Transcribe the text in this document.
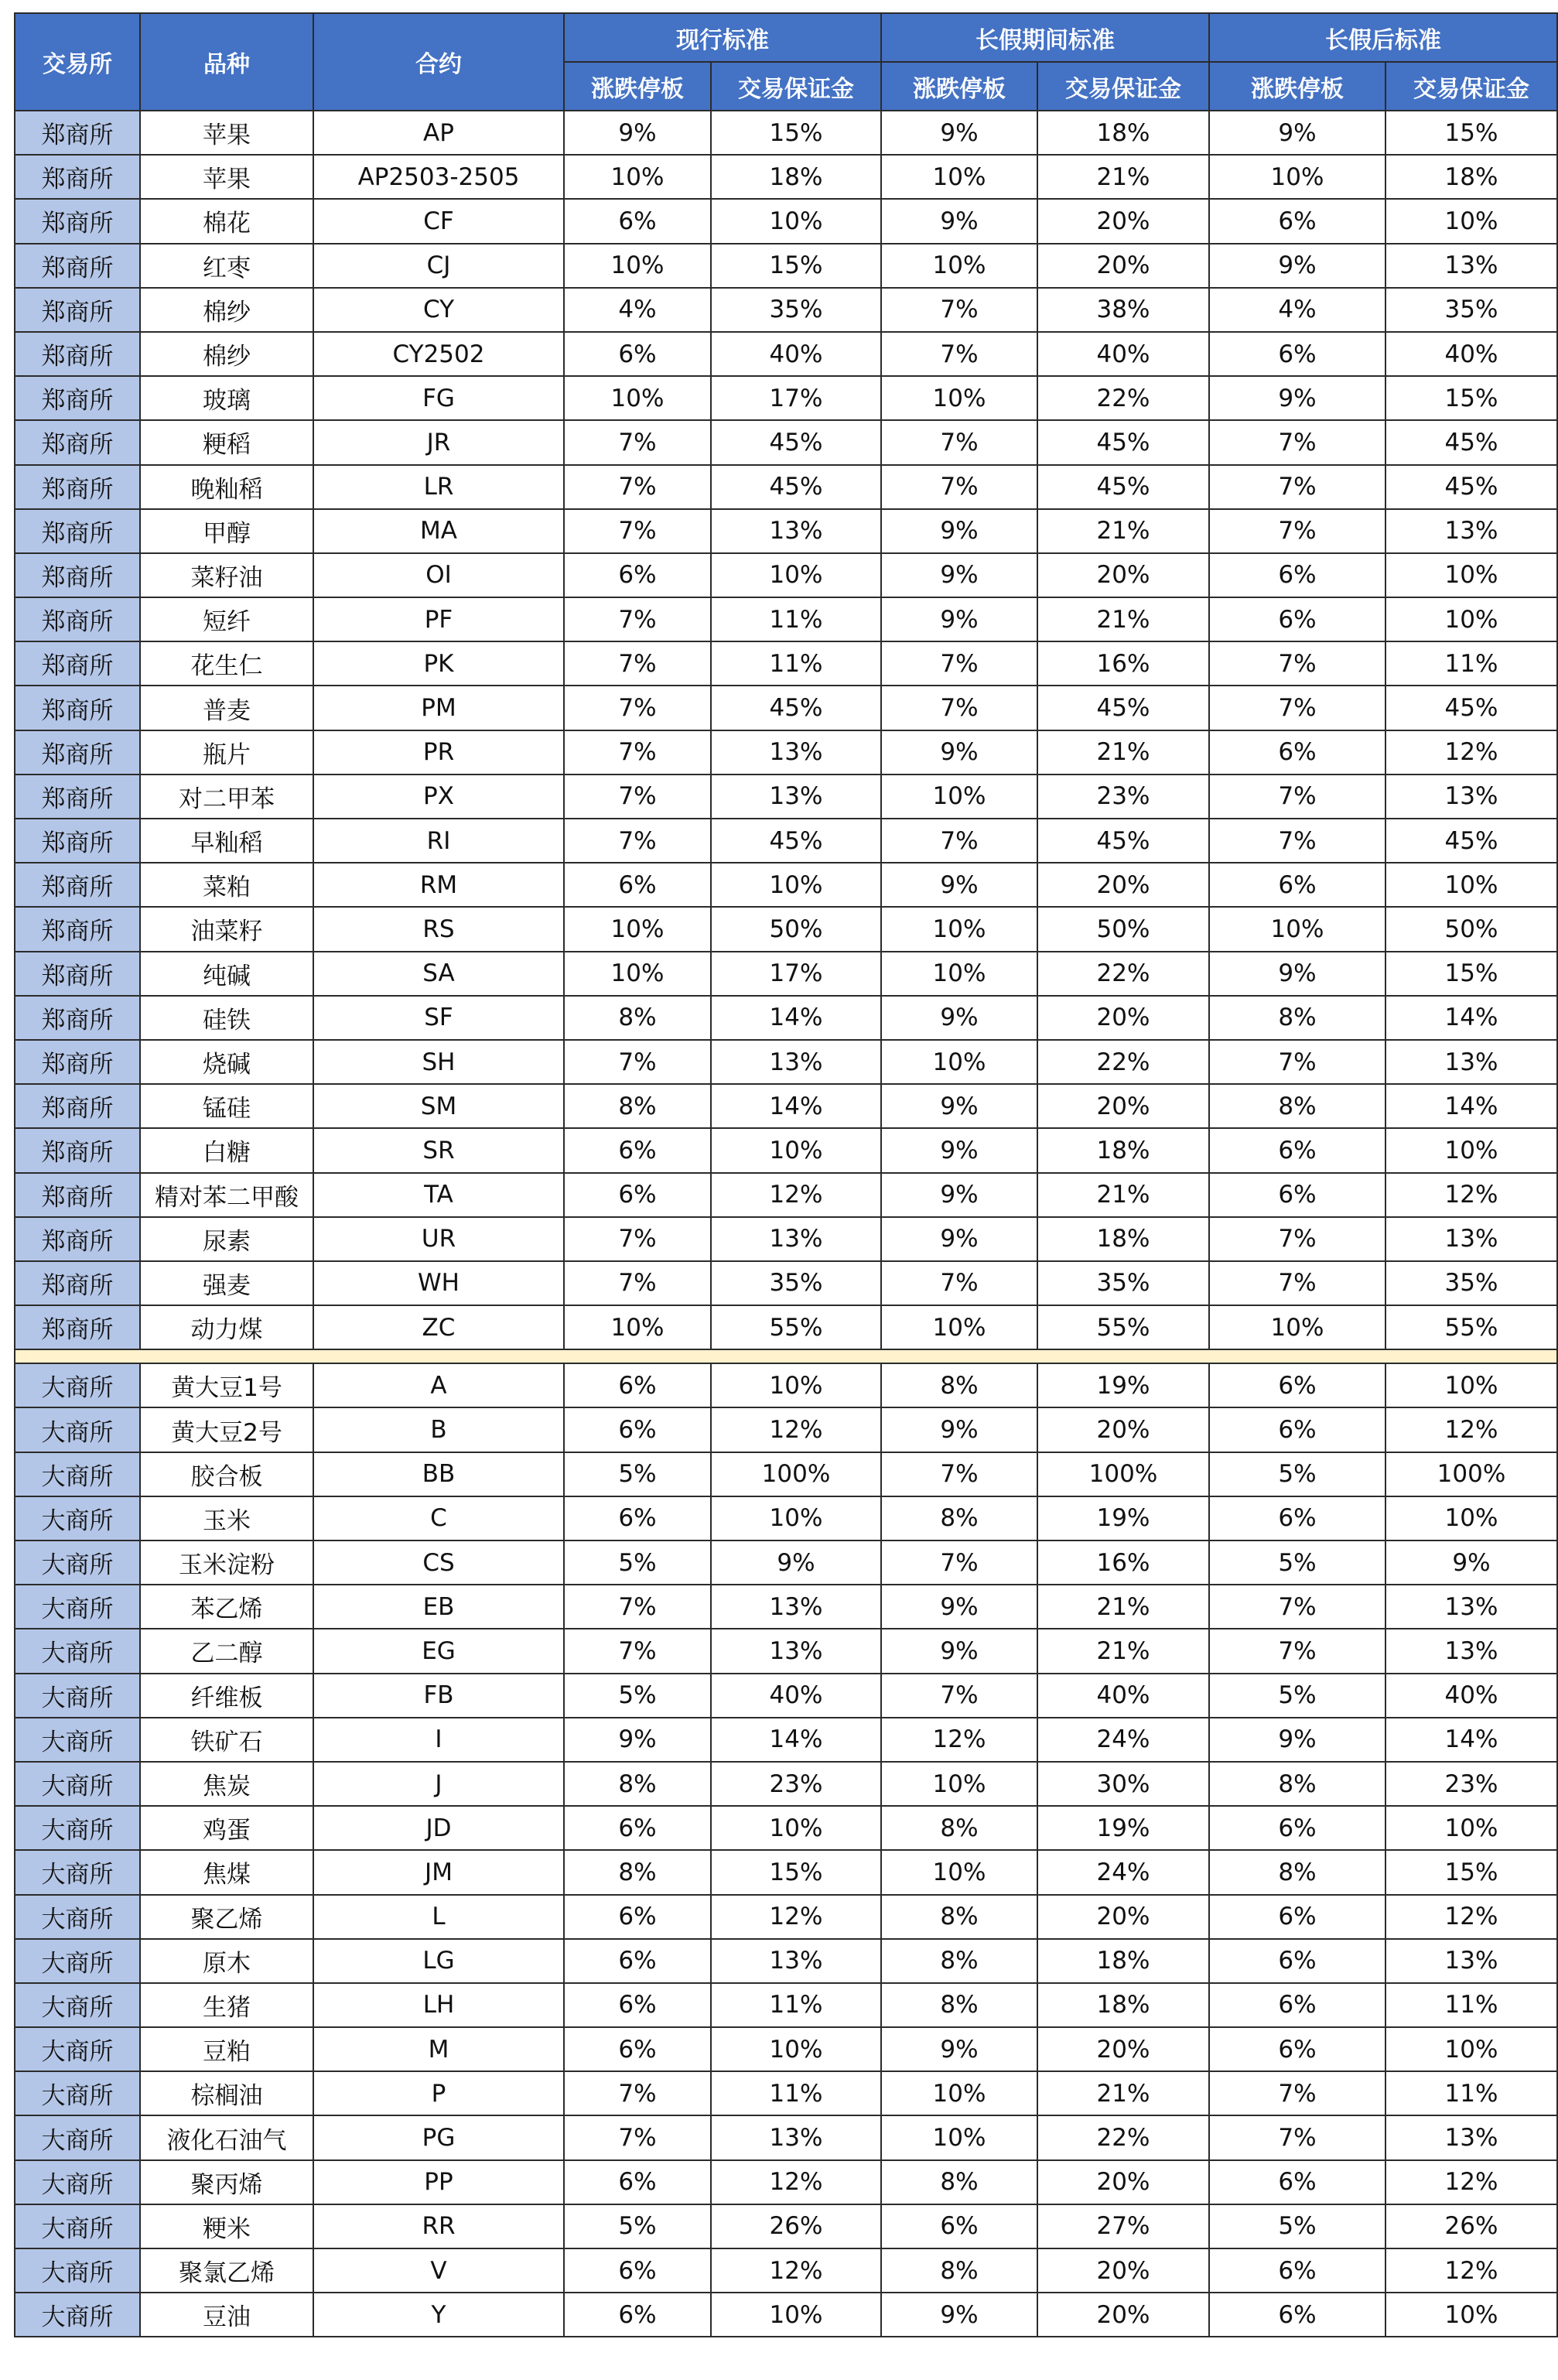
交易所	品种	合约	现行标准		长假期间标准		长假后标准	
			涨跌停板	交易保证金	涨跌停板	交易保证金	涨跌停板	交易保证金
郑商所	苹果	AP	9%	15%	9%	18%	9%	15%
郑商所	苹果	AP2503-2505	10%	18%	10%	21%	10%	18%
郑商所	棉花	CF	6%	10%	9%	20%	6%	10%
郑商所	红枣	CJ	10%	15%	10%	20%	9%	13%
郑商所	棉纱	CY	4%	35%	7%	38%	4%	35%
郑商所	棉纱	CY2502	6%	40%	7%	40%	6%	40%
郑商所	玻璃	FG	10%	17%	10%	22%	9%	15%
郑商所	粳稻	JR	7%	45%	7%	45%	7%	45%
郑商所	晚籼稻	LR	7%	45%	7%	45%	7%	45%
郑商所	甲醇	MA	7%	13%	9%	21%	7%	13%
郑商所	菜籽油	OI	6%	10%	9%	20%	6%	10%
郑商所	短纤	PF	7%	11%	9%	21%	6%	10%
郑商所	花生仁	PK	7%	11%	7%	16%	7%	11%
郑商所	普麦	PM	7%	45%	7%	45%	7%	45%
郑商所	瓶片	PR	7%	13%	9%	21%	6%	12%
郑商所	对二甲苯	PX	7%	13%	10%	23%	7%	13%
郑商所	早籼稻	RI	7%	45%	7%	45%	7%	45%
郑商所	菜粕	RM	6%	10%	9%	20%	6%	10%
郑商所	油菜籽	RS	10%	50%	10%	50%	10%	50%
郑商所	纯碱	SA	10%	17%	10%	22%	9%	15%
郑商所	硅铁	SF	8%	14%	9%	20%	8%	14%
郑商所	烧碱	SH	7%	13%	10%	22%	7%	13%
郑商所	锰硅	SM	8%	14%	9%	20%	8%	14%
郑商所	白糖	SR	6%	10%	9%	18%	6%	10%
郑商所	精对苯二甲酸	TA	6%	12%	9%	21%	6%	12%
郑商所	尿素	UR	7%	13%	9%	18%	7%	13%
郑商所	强麦	WH	7%	35%	7%	35%	7%	35%
郑商所	动力煤	ZC	10%	55%	10%	55%	10%	55%

大商所	黄大豆1号	A	6%	10%	8%	19%	6%	10%
大商所	黄大豆2号	B	6%	12%	9%	20%	6%	12%
大商所	胶合板	BB	5%	100%	7%	100%	5%	100%
大商所	玉米	C	6%	10%	8%	19%	6%	10%
大商所	玉米淀粉	CS	5%	9%	7%	16%	5%	9%
大商所	苯乙烯	EB	7%	13%	9%	21%	7%	13%
大商所	乙二醇	EG	7%	13%	9%	21%	7%	13%
大商所	纤维板	FB	5%	40%	7%	40%	5%	40%
大商所	铁矿石	I	9%	14%	12%	24%	9%	14%
大商所	焦炭	J	8%	23%	10%	30%	8%	23%
大商所	鸡蛋	JD	6%	10%	8%	19%	6%	10%
大商所	焦煤	JM	8%	15%	10%	24%	8%	15%
大商所	聚乙烯	L	6%	12%	8%	20%	6%	12%
大商所	原木	LG	6%	13%	8%	18%	6%	13%
大商所	生猪	LH	6%	11%	8%	18%	6%	11%
大商所	豆粕	M	6%	10%	9%	20%	6%	10%
大商所	棕榈油	P	7%	11%	10%	21%	7%	11%
大商所	液化石油气	PG	7%	13%	10%	22%	7%	13%
大商所	聚丙烯	PP	6%	12%	8%	20%	6%	12%
大商所	粳米	RR	5%	26%	6%	27%	5%	26%
大商所	聚氯乙烯	V	6%	12%	8%	20%	6%	12%
大商所	豆油	Y	6%	10%	9%	20%	6%	10%
